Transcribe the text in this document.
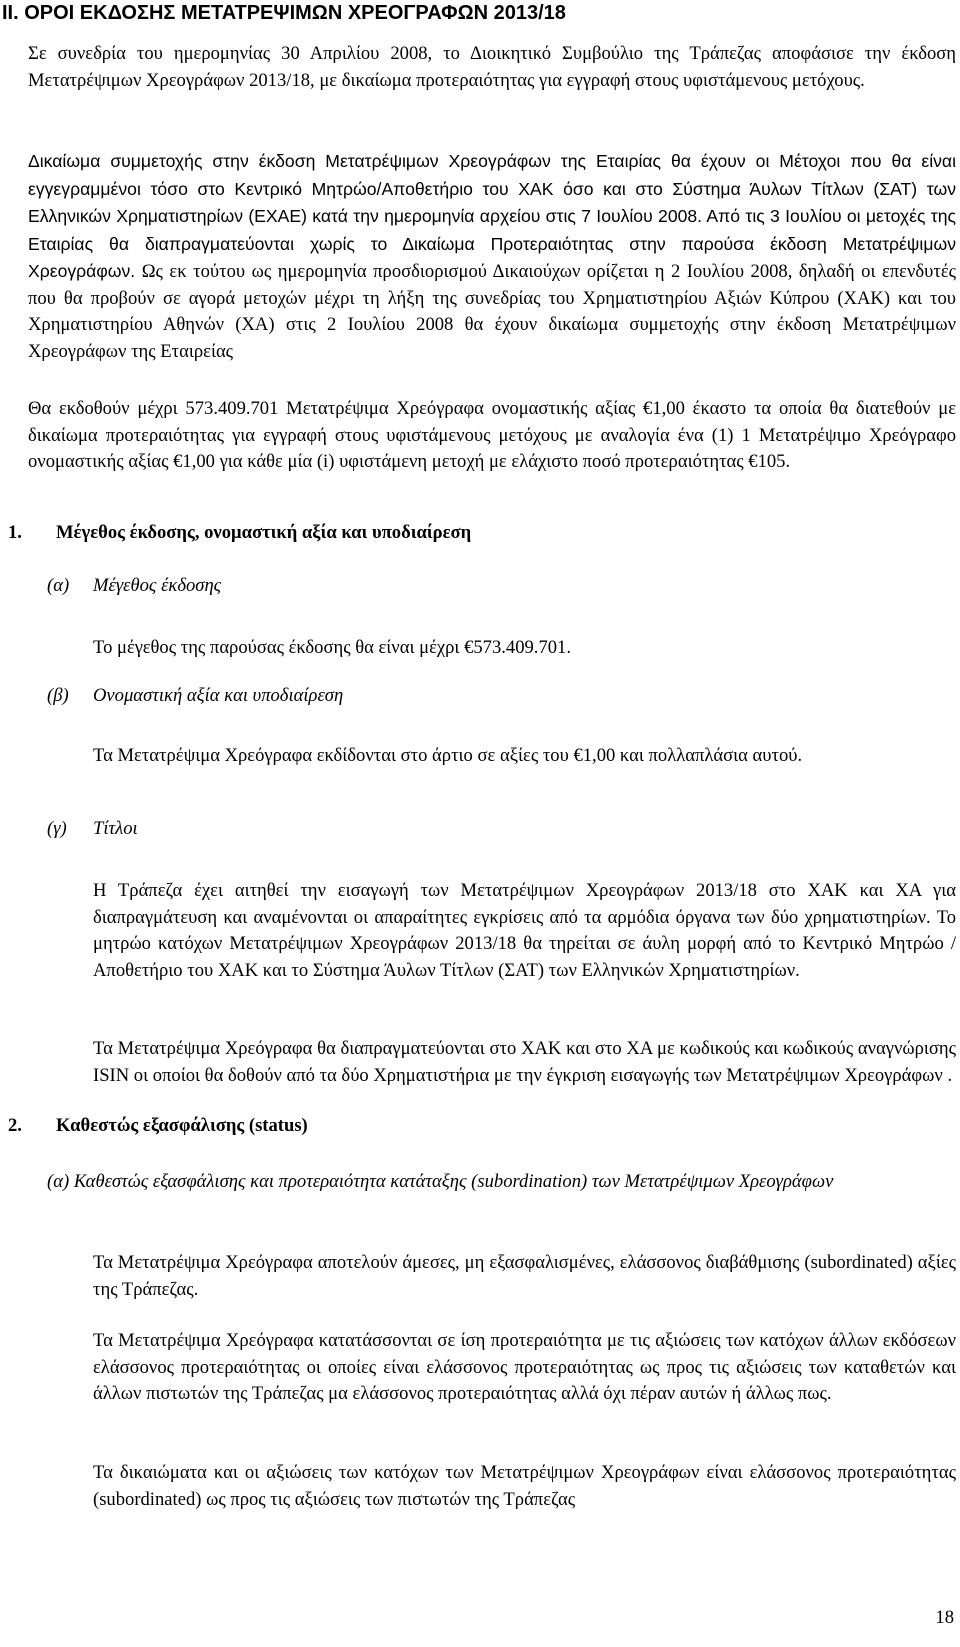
ΙΙ. ΟΡΟΙ ΕΚΔΟΣΗΣ ΜΕΤΑΤΡΕΨΙΜΩΝ ΧΡΕΟΓΡΑΦΩΝ 2013/18
Σε συνεδρία του ημερομηνίας 30 Απριλίου 2008, το Διοικητικό Συμβούλιο της Τράπεζας αποφάσισε την έκδοση Μετατρέψιμων Χρεογράφων 2013/18, με δικαίωμα προτεραιότητας για εγγραφή στους υφιστάμενους μετόχους.
Δικαίωμα συμμετοχής στην έκδοση Μετατρέψιμων Χρεογράφων της Εταιρίας θα έχουν οι Μέτοχοι που θα είναι εγγεγραμμένοι τόσο στο Κεντρικό Μητρώο/Αποθετήριο του ΧΑΚ όσο και στο Σύστημα Άυλων Τίτλων (ΣΑΤ) των Ελληνικών Χρηματιστηρίων (ΕΧΑΕ) κατά την ημερομηνία αρχείου στις 7 Ιουλίου 2008. Από τις 3 Ιουλίου οι μετοχές της Εταιρίας θα διαπραγματεύονται χωρίς το Δικαίωμα Προτεραιότητας στην παρούσα έκδοση Μετατρέψιμων Χρεογράφων. Ως εκ τούτου ως ημερομηνία προσδιορισμού Δικαιούχων ορίζεται η 2 Ιουλίου 2008, δηλαδή οι επενδυτές που θα προβούν σε αγορά μετοχών μέχρι τη λήξη της συνεδρίας του Χρηματιστηρίου Αξιών Κύπρου (ΧΑΚ) και του Χρηματιστηρίου Αθηνών (ΧΑ) στις 2 Ιουλίου 2008 θα έχουν δικαίωμα συμμετοχής στην έκδοση Μετατρέψιμων Χρεογράφων της Εταιρείας
Θα εκδοθούν μέχρι 573.409.701 Μετατρέψιμα Χρεόγραφα ονομαστικής αξίας €1,00 έκαστο τα οποία θα διατεθούν με δικαίωμα προτεραιότητας για εγγραφή στους υφιστάμενους μετόχους με αναλογία ένα (1) 1 Μετατρέψιμο Χρεόγραφο ονομαστικής αξίας €1,00 για κάθε μία (i) υφιστάμενη μετοχή με ελάχιστο ποσό προτεραιότητας €105.
1. Μέγεθος έκδοσης, ονομαστική αξία και υποδιαίρεση
(α) Μέγεθος έκδοσης
Το μέγεθος της παρούσας έκδοσης θα είναι μέχρι €573.409.701.
(β) Ονομαστική αξία και υποδιαίρεση
Τα Μετατρέψιμα Χρεόγραφα εκδίδονται στο άρτιο σε αξίες του €1,00 και πολλαπλάσια αυτού.
(γ) Τίτλοι
Η Τράπεζα έχει αιτηθεί την εισαγωγή των Μετατρέψιμων Χρεογράφων 2013/18 στο ΧΑΚ και ΧΑ για διαπραγμάτευση και αναμένονται οι απαραίτητες εγκρίσεις από τα αρμόδια όργανα των δύο χρηματιστηρίων. Το μητρώο κατόχων Μετατρέψιμων Χρεογράφων 2013/18 θα τηρείται σε άυλη μορφή από το Κεντρικό Μητρώο / Αποθετήριο του ΧΑΚ και το Σύστημα Άυλων Τίτλων (ΣΑΤ) των Ελληνικών Χρηματιστηρίων.
Τα Μετατρέψιμα Χρεόγραφα θα διαπραγματεύονται στο ΧΑΚ και στο ΧΑ με κωδικούς και κωδικούς αναγνώρισης ISIN οι οποίοι θα δοθούν από τα δύο Χρηματιστήρια με την έγκριση εισαγωγής των Μετατρέψιμων Χρεογράφων .
2. Καθεστώς εξασφάλισης (status)
(α) Καθεστώς εξασφάλισης και προτεραιότητα κατάταξης (subordination) των Μετατρέψιμων Χρεογράφων
Τα Μετατρέψιμα Χρεόγραφα αποτελούν άμεσες, μη εξασφαλισμένες, ελάσσονος διαβάθμισης (subordinated) αξίες της Τράπεζας.
Τα Μετατρέψιμα Χρεόγραφα κατατάσσονται σε ίση προτεραιότητα με τις αξιώσεις των κατόχων άλλων εκδόσεων ελάσσονος προτεραιότητας οι οποίες είναι ελάσσονος προτεραιότητας ως προς τις αξιώσεις των καταθετών και άλλων πιστωτών της Τράπεζας μα ελάσσονος προτεραιότητας αλλά όχι πέραν αυτών ή άλλως πως.
Τα δικαιώματα και οι αξιώσεις των κατόχων των Μετατρέψιμων Χρεογράφων είναι ελάσσονος προτεραιότητας (subordinated) ως προς τις αξιώσεις των πιστωτών της Τράπεζας
18
